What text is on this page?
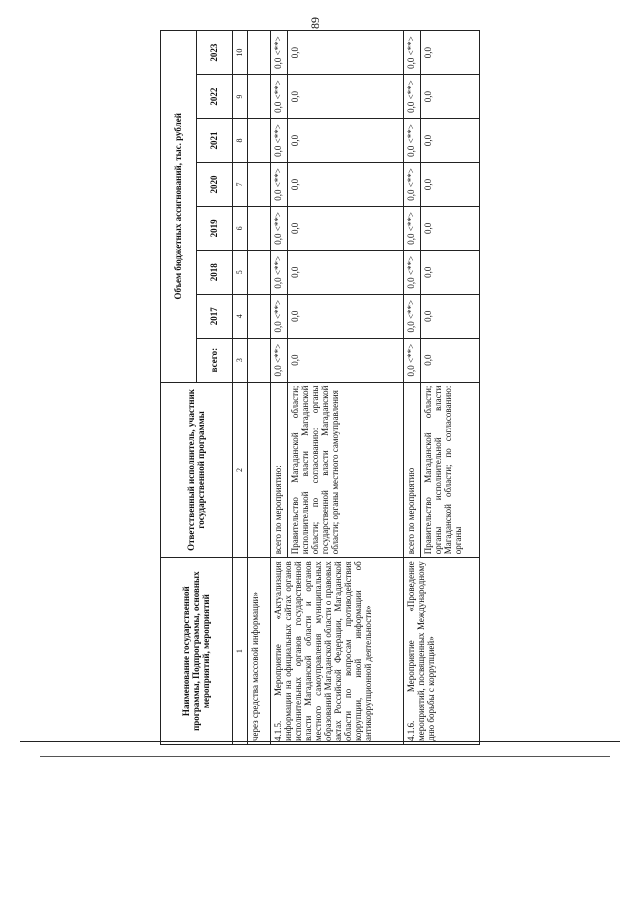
89
Наименование государственной программы, Подпрограммы, основных мероприятий, мероприятий	Ответственный исполнитель, участник государственной программы	Объем бюджетных ассигнований, тыс. рублей							
		всего:	2017	2018	2019	2020	2021	2022	2023
1	2	3	4	5	6	7	8	9	10
через средства массовой информации»									
4.1.5. Мероприятие «Актуализация информации на официальных сайтах органов исполнительных органов государственной власти Магаданской области и органов местного самоуправления муниципальных образований Магаданской области о правовых актах Российской Федерации, Магаданской области по вопросам противодействия коррупции, иной информации об антикоррупционной деятельности»	всего по мероприятию:	0,0 <**>	0,0 <**>	0,0 <**>	0,0 <**>	0,0 <**>	0,0 <**>	0,0 <**>	0,0 <**>
	Правительство Магаданской области; исполнительной власти Магаданской области; по согласованию: органы государственной власти Магаданской области; органы местного самоуправления	0,0	0,0	0,0	0,0	0,0	0,0	0,0	0,0
4.1.6. Мероприятие «Проведение мероприятий, посвященных Международному дню борьбы с коррупцией»	всего по мероприятию	0,0 <**>	0,0 <**>	0,0 <**>	0,0 <**>	0,0 <**>	0,0 <**>	0,0 <**>	0,0 <**>
	Правительство Магаданской области; органы исполнительной власти Магаданской области; по согласованию: органы	0,0	0,0	0,0	0,0	0,0	0,0	0,0	0,0
